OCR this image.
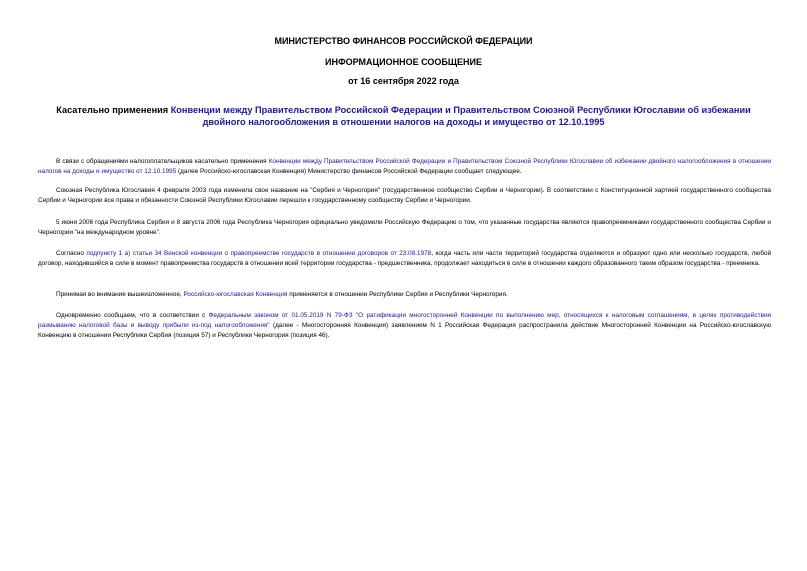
МИНИСТЕРСТВО ФИНАНСОВ РОССИЙСКОЙ ФЕДЕРАЦИИ
ИНФОРМАЦИОННОЕ СООБЩЕНИЕ
от 16 сентября 2022 года
Касательно применения Конвенции между Правительством Российской Федерации и Правительством Союзной Республики Югославии об избежании двойного налогообложения в отношении налогов на доходы и имущество от 12.10.1995

В связи с обращениями налогоплательщиков касательно применения Конвенции между Правительством Российской Федерации и Правительством Союзной Республики Югославии об избежании двойного налогообложения в отношении налогов на доходы и имущество от 12.10.1995 (далее Российско-югославская Конвенция) Министерство финансов Российской Федерации сообщает следующее.

Союзная Республика Югославия 4 февраля 2003 года изменила свое название на "Сербия и Черногория" (государственное сообщество Сербии и Черногории). В соответствии с Конституционной хартией государственного сообщества Сербии и Черногории все права и обязанности Союзной Республики Югославии перешли к государственному сообществу Сербии и Черногории.

5 июня 2006 года Республика Сербия и 8 августа 2006 года Республика Черногория официально уведомили Российскую Федерацию о том, что указанные государства являются правопреемниками государственного сообщества Сербии и Черногории "на международном уровне".

Согласно подпункту 1 а) статьи 34 Венской конвенции о правопреемстве государств в отношении договоров от 23.08.1978, когда часть или части территорий государства отделяются и образуют одно или несколько государств, любой договор, находившийся в силе в момент правопреемства государств в отношении всей территории государства - предшественника, продолжает находиться в силе в отношении каждого образованного таким образом государства - преемника.

Принимая во внимание вышеизложенное, Российско-югославская Конвенция применяется в отношении Республики Сербия и Республики Черногория.

Одновременно сообщаем, что в соответствии с Федеральным законом от 01.05.2019 N 79-ФЗ "О ратификации многосторонней Конвенции по выполнению мер, относящихся к налоговым соглашениям, в целях противодействия размыванию налоговой базы и выводу прибыли из-под налогообложения" (далее - Многосторонняя Конвенция) заявлением N 1 Российская Федерация распространила действие Многосторонней Конвенции на Российско-югославскую Конвенцию в отношении Республики Сербия (позиция 57) и Республики Черногория (позиция 46).
